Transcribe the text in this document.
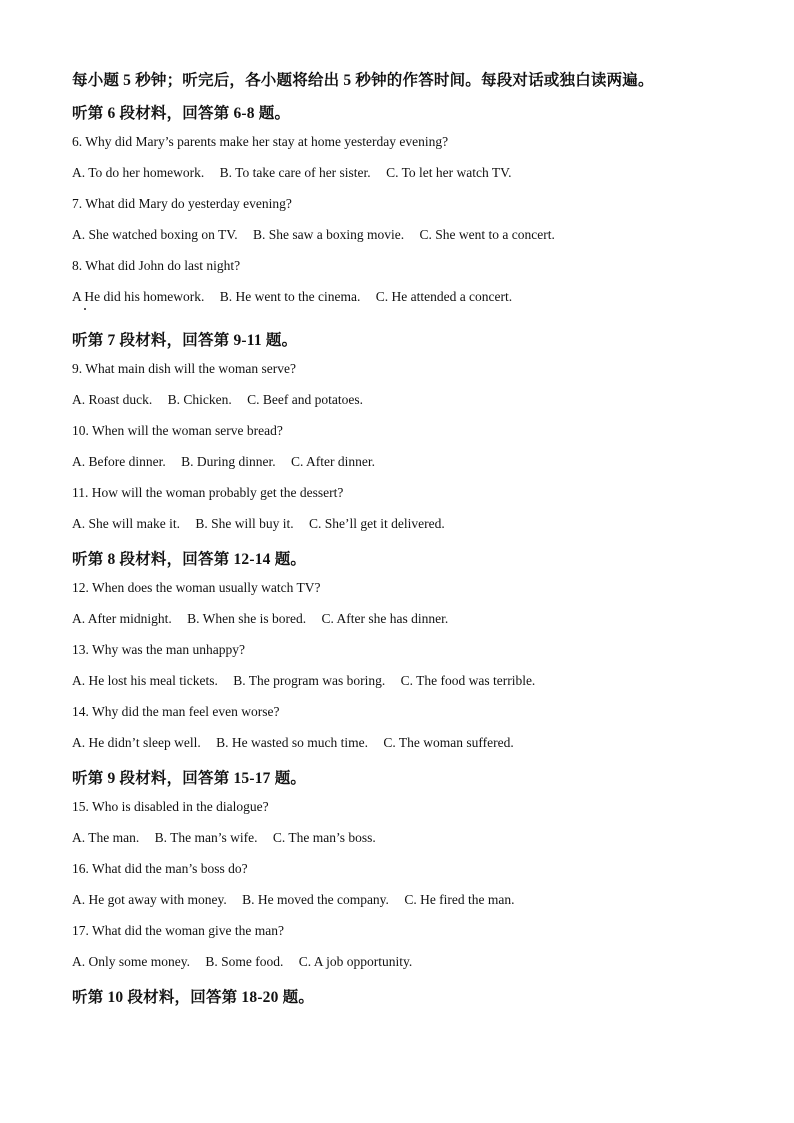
每小题 5 秒钟；听完后，各小题将给出 5 秒钟的作答时间。每段对话或独白读两遍。
听第 6 段材料，回答第 6-8 题。
6. Why did Mary’s parents make her stay at home yesterday evening?
A. To do her homework. B. To take care of her sister. C. To let her watch TV.
7. What did Mary do yesterday evening?
A. She watched boxing on TV. B. She saw a boxing movie. C. She went to a concert.
8. What did John do last night?
A He did his homework. B. He went to the cinema. C. He attended a concert.
听第 7 段材料，回答第 9-11 题。
9. What main dish will the woman serve?
A. Roast duck. B. Chicken. C. Beef and potatoes.
10. When will the woman serve bread?
A. Before dinner. B. During dinner. C. After dinner.
11. How will the woman probably get the dessert?
A. She will make it. B. She will buy it. C. She’ll get it delivered.
听第 8 段材料，回答第 12-14 题。
12. When does the woman usually watch TV?
A. After midnight. B. When she is bored. C. After she has dinner.
13. Why was the man unhappy?
A. He lost his meal tickets. B. The program was boring. C. The food was terrible.
14. Why did the man feel even worse?
A. He didn’t sleep well. B. He wasted so much time. C. The woman suffered.
听第 9 段材料，回答第 15-17 题。
15. Who is disabled in the dialogue?
A. The man. B. The man’s wife. C. The man’s boss.
16. What did the man’s boss do?
A. He got away with money. B. He moved the company. C. He fired the man.
17. What did the woman give the man?
A. Only some money. B. Some food. C. A job opportunity.
听第 10 段材料，回答第 18-20 题。
